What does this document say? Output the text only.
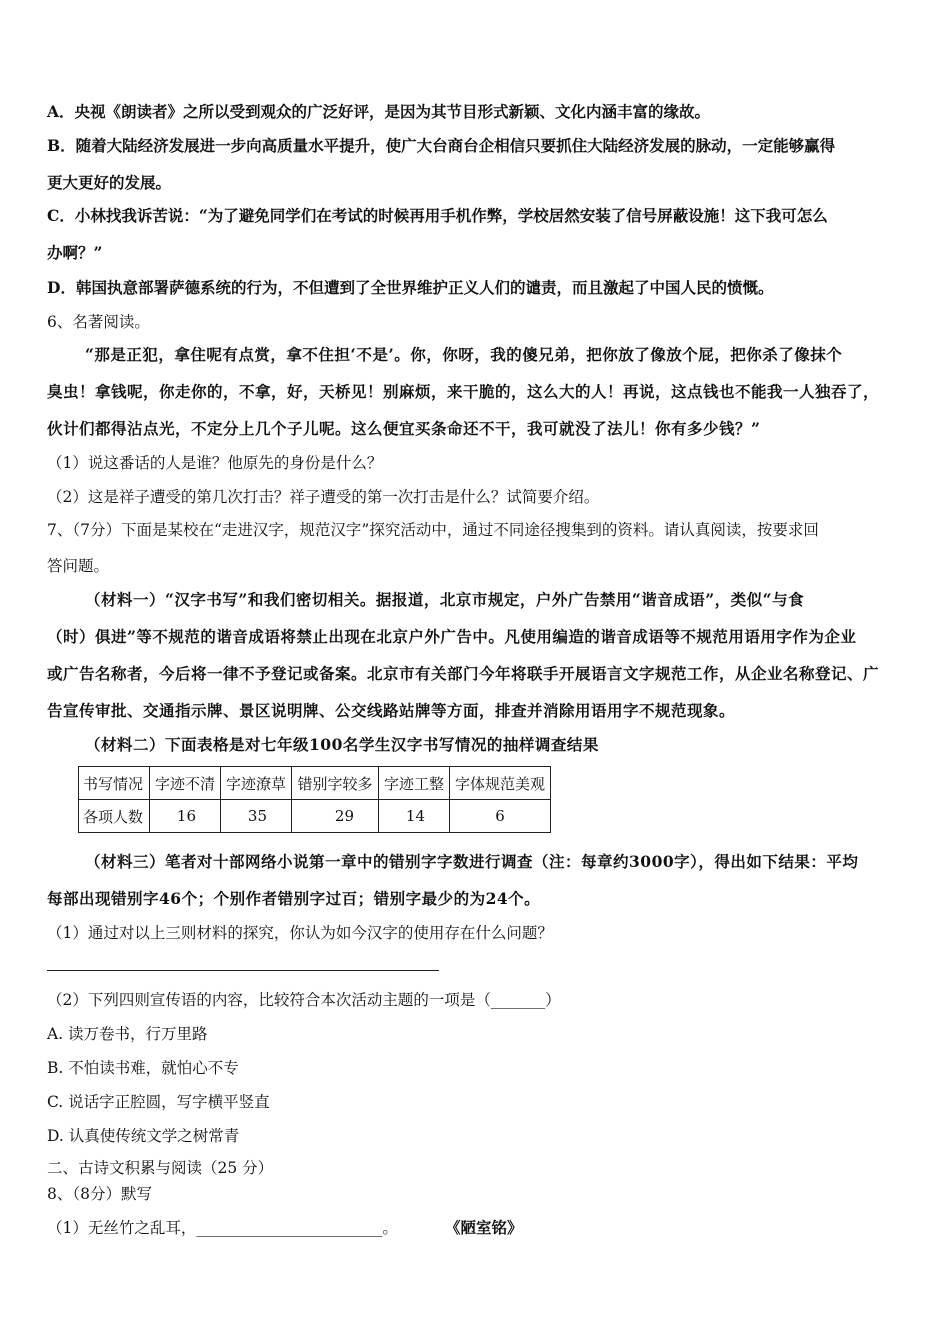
A．央视《朗读者》之所以受到观众的广泛好评，是因为其节目形式新颖、文化内涵丰富的缘故。
B．随着大陆经济发展进一步向高质量水平提升，使广大台商台企相信只要抓住大陆经济发展的脉动，一定能够赢得
更大更好的发展。
C．小林找我诉苦说：“为了避免同学们在考试的时候再用手机作弊，学校居然安装了信号屏蔽设施！这下我可怎么
办啊？”
D．韩国执意部署萨德系统的行为，不但遭到了全世界维护正义人们的谴责，而且激起了中国人民的愤慨。
6、名著阅读。
“那是正犯，拿住呢有点赏，拿不住担‘不是’。你，你呀，我的傻兄弟，把你放了像放个屁，把你杀了像抹个
臭虫！拿钱呢，你走你的，不拿，好，天桥见！别麻烦，来干脆的，这么大的人！再说，这点钱也不能我一人独吞了，
伙计们都得沾点光，不定分上几个子儿呢。这么便宜买条命还不干，我可就没了法儿！你有多少钱？”
（1）说这番话的人是谁？他原先的身份是什么？
（2）这是祥子遭受的第几次打击？祥子遭受的第一次打击是什么？试简要介绍。
7、（7分）下面是某校在“走进汉字，规范汉字”探究活动中，通过不同途径搜集到的资料。请认真阅读，按要求回
答问题。
（材料一）“汉字书写”和我们密切相关。据报道，北京市规定，户外广告禁用“谐音成语”，类似“与食
（时）俱进”等不规范的谐音成语将禁止出现在北京户外广告中。凡使用编造的谐音成语等不规范用语用字作为企业
或广告名称者，今后将一律不予登记或备案。北京市有关部门今年将联手开展语言文字规范工作，从企业名称登记、广
告宣传审批、交通指示牌、景区说明牌、公交线路站牌等方面，排查并消除用语用字不规范现象。
（材料二）下面表格是对七年级100名学生汉字书写情况的抽样调查结果
书写情况	字迹不清	字迹潦草	错别字较多	字迹工整	字体规范美观
各项人数	16	35	29	14	6
（材料三）笔者对十部网络小说第一章中的错别字字数进行调查（注：每章约3000字），得出如下结果：平均
每部出现错别字46个；个别作者错别字过百；错别字最少的为24个。
（1）通过对以上三则材料的探究，你认为如今汉字的使用存在什么问题？
（2）下列四则宣传语的内容，比较符合本次活动主题的一项是（_______）
A. 读万卷书，行万里路
B. 不怕读书难，就怕心不专
C. 说话字正腔圆，写字横平竖直
D. 认真使传统文学之树常青
二、古诗文积累与阅读（25 分）
8、（8分）默写
（1）无丝竹之乱耳，________________________。	《陋室铭》
